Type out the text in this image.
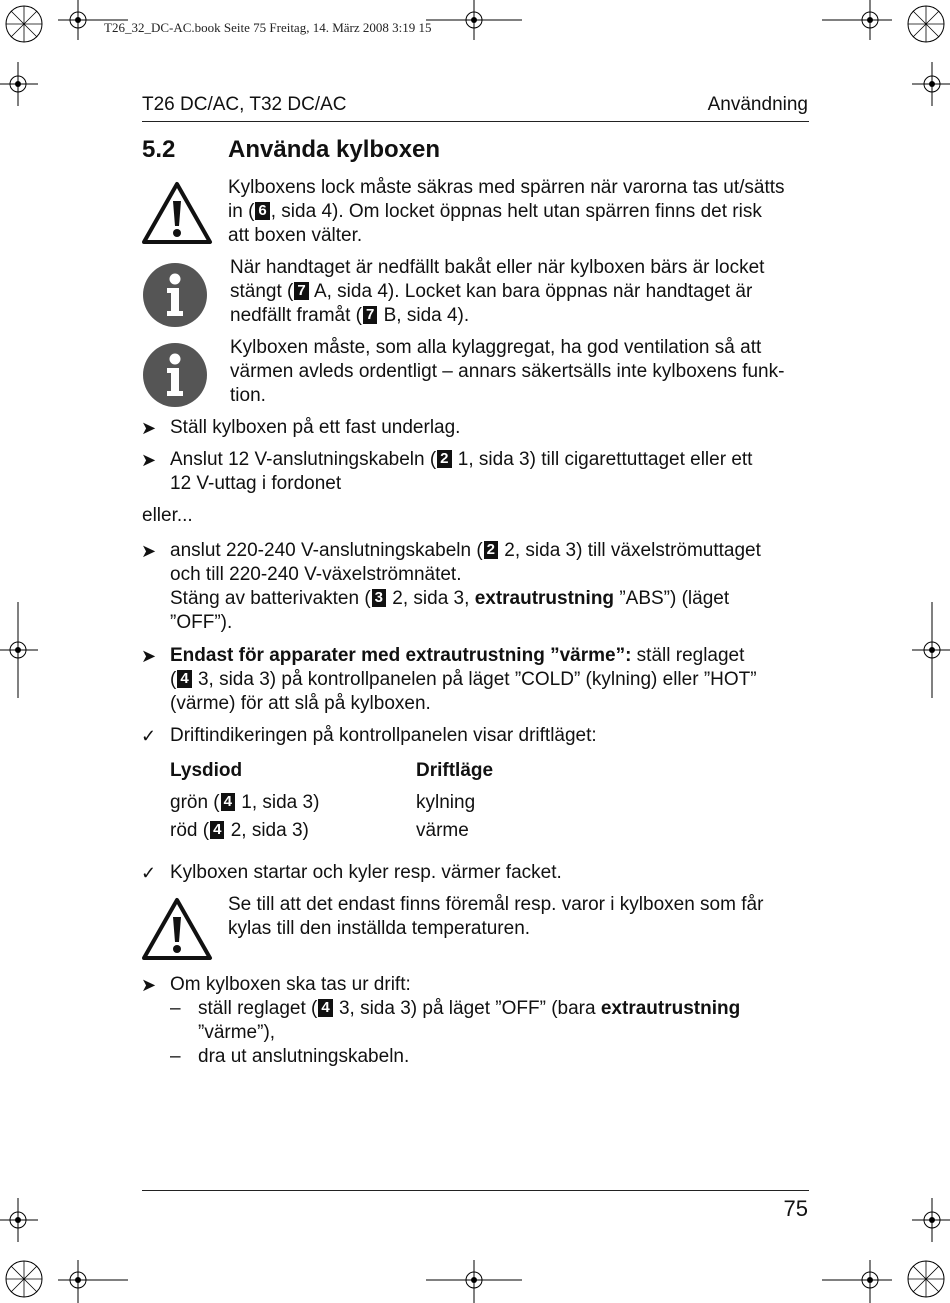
T26_32_DC-AC.book Seite 75 Freitag, 14. März 2008 3:19 15
T26 DC/AC, T32 DC/AC	Användning
5.2 Använda kylboxen
Kylboxens lock måste säkras med spärren när varorna tas ut/sätts
in ( 6 , sida 4). Om locket öppnas helt utan spärren finns det risk
att boxen välter.
När handtaget är nedfällt bakåt eller när kylboxen bärs är locket
stängt ( 7 A, sida 4). Locket kan bara öppnas när handtaget är
nedfällt framåt ( 7 B, sida 4).
Kylboxen måste, som alla kylaggregat, ha god ventilation så att
värmen avleds ordentligt – annars säkertsälls inte kylboxens funk-
tion.
➤ Ställ kylboxen på ett fast underlag.
➤ Anslut 12 V-anslutningskabeln ( 2 1, sida 3) till cigarettuttaget eller ett
12 V-uttag i fordonet
eller...
➤ anslut 220-240 V-anslutningskabeln ( 2 2, sida 3) till växelströmuttaget
och till 220-240 V-växelströmnätet.
Stäng av batterivakten ( 3 2, sida 3, extrautrustning ”ABS”) (läget
”OFF”).
➤ Endast för apparater med extrautrustning ”värme”: ställ reglaget
( 4 3, sida 3) på kontrollpanelen på läget ”COLD” (kylning) eller ”HOT”
(värme) för att slå på kylboxen.
✓ Driftindikeringen på kontrollpanelen visar driftläget:
Lysdiod	Driftläge
grön ( 4 1, sida 3)	kylning
röd ( 4 2, sida 3)	värme
✓ Kylboxen startar och kyler resp. värmer facket.
Se till att det endast finns föremål resp. varor i kylboxen som får
kylas till den inställda temperaturen.
➤ Om kylboxen ska tas ur drift:
– ställ reglaget ( 4 3, sida 3) på läget ”OFF” (bara extrautrustning
”värme”),
– dra ut anslutningskabeln.
75
